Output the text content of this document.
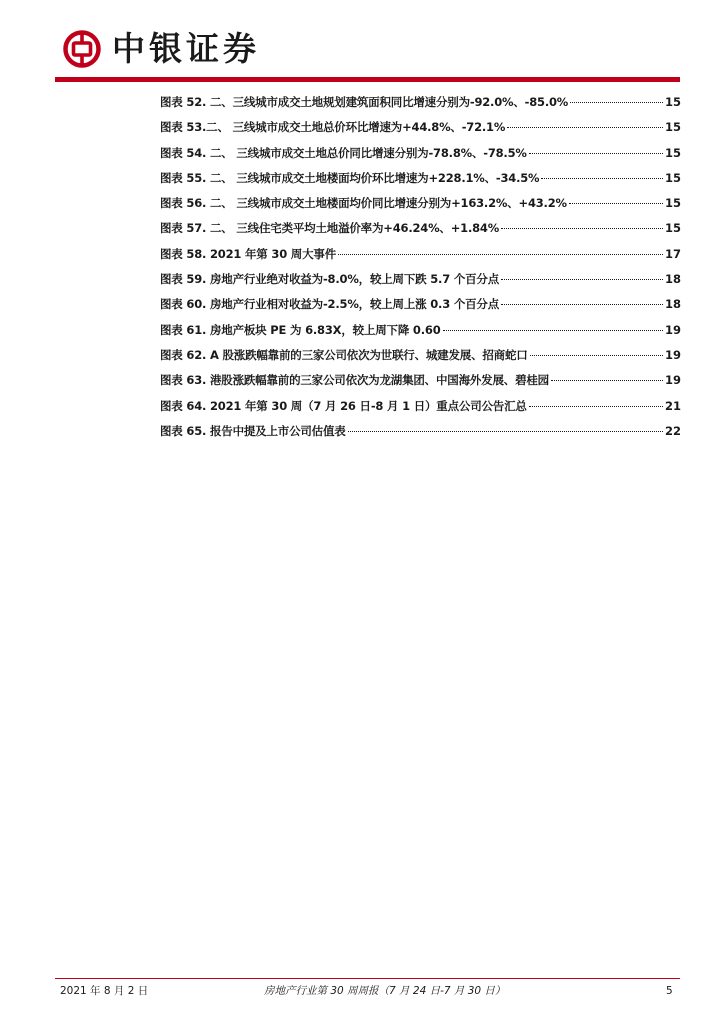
中银证券
图表 52. 二、三线城市成交土地规划建筑面积同比增速分别为-92.0%、-85.0%	15
图表 53.二、 三线城市成交土地总价环比增速为+44.8%、-72.1%	15
图表 54. 二、 三线城市成交土地总价同比增速分别为-78.8%、-78.5%	15
图表 55. 二、 三线城市成交土地楼面均价环比增速为+228.1%、-34.5%	15
图表 56. 二、 三线城市成交土地楼面均价同比增速分别为+163.2%、+43.2%	15
图表 57. 二、 三线住宅类平均土地溢价率为+46.24%、+1.84%	15
图表 58. 2021 年第 30 周大事件	17
图表 59. 房地产行业绝对收益为-8.0%，较上周下跌 5.7 个百分点	18
图表 60. 房地产行业相对收益为-2.5%，较上周上涨 0.3 个百分点	18
图表 61. 房地产板块 PE 为 6.83X，较上周下降 0.60	19
图表 62. A 股涨跌幅靠前的三家公司依次为世联行、城建发展、招商蛇口	19
图表 63. 港股涨跌幅靠前的三家公司依次为龙湖集团、中国海外发展、碧桂园	19
图表 64. 2021 年第 30 周（7 月 26 日-8 月 1 日）重点公司公告汇总	21
图表 65. 报告中提及上市公司估值表	22
2021 年 8 月 2 日	房地产行业第 30 周周报（7 月 24 日-7 月 30 日）	5
